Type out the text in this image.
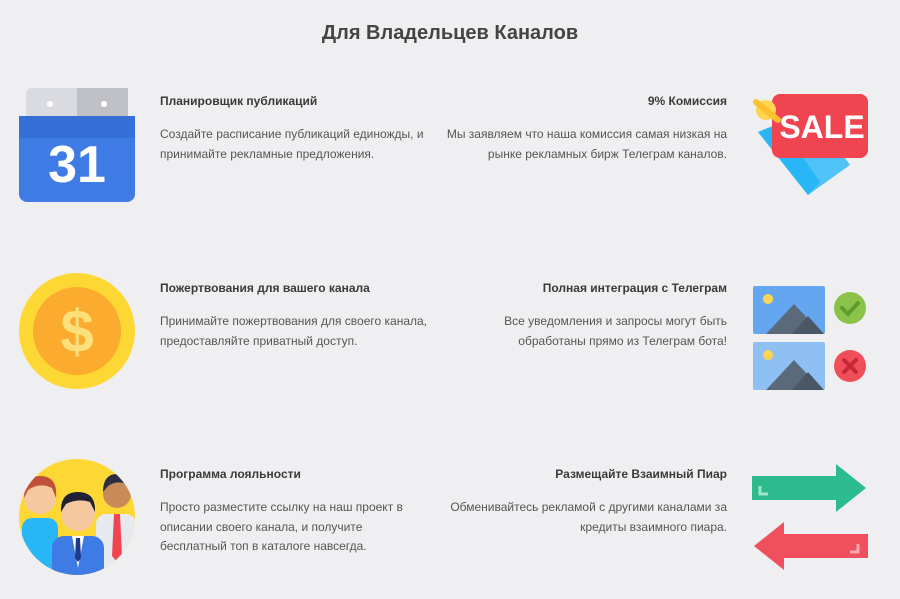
Для Владельцев Каналов
31

Планировщик публикаций

Создайте расписание публикаций единожды, и принимайте рекламные предложения.

9% Комиссия

Мы заявляем что наша комиссия самая низкая на рынке рекламных бирж Телеграм каналов.

SALE
$

Пожертвования для вашего канала

Принимайте пожертвования для своего канала, предоставляйте приватный доступ.

Полная интеграция с Телеграм

Все уведомления и запросы могут быть обработаны прямо из Телеграм бота!

Программа лояльности

Просто разместите ссылку на наш проект в описании своего канала, и получите бесплатный топ в каталоге навсегда.

Размещайте Взаимный Пиар

Обменивайтесь рекламой с другими каналами за кредиты взаимного пиара.
